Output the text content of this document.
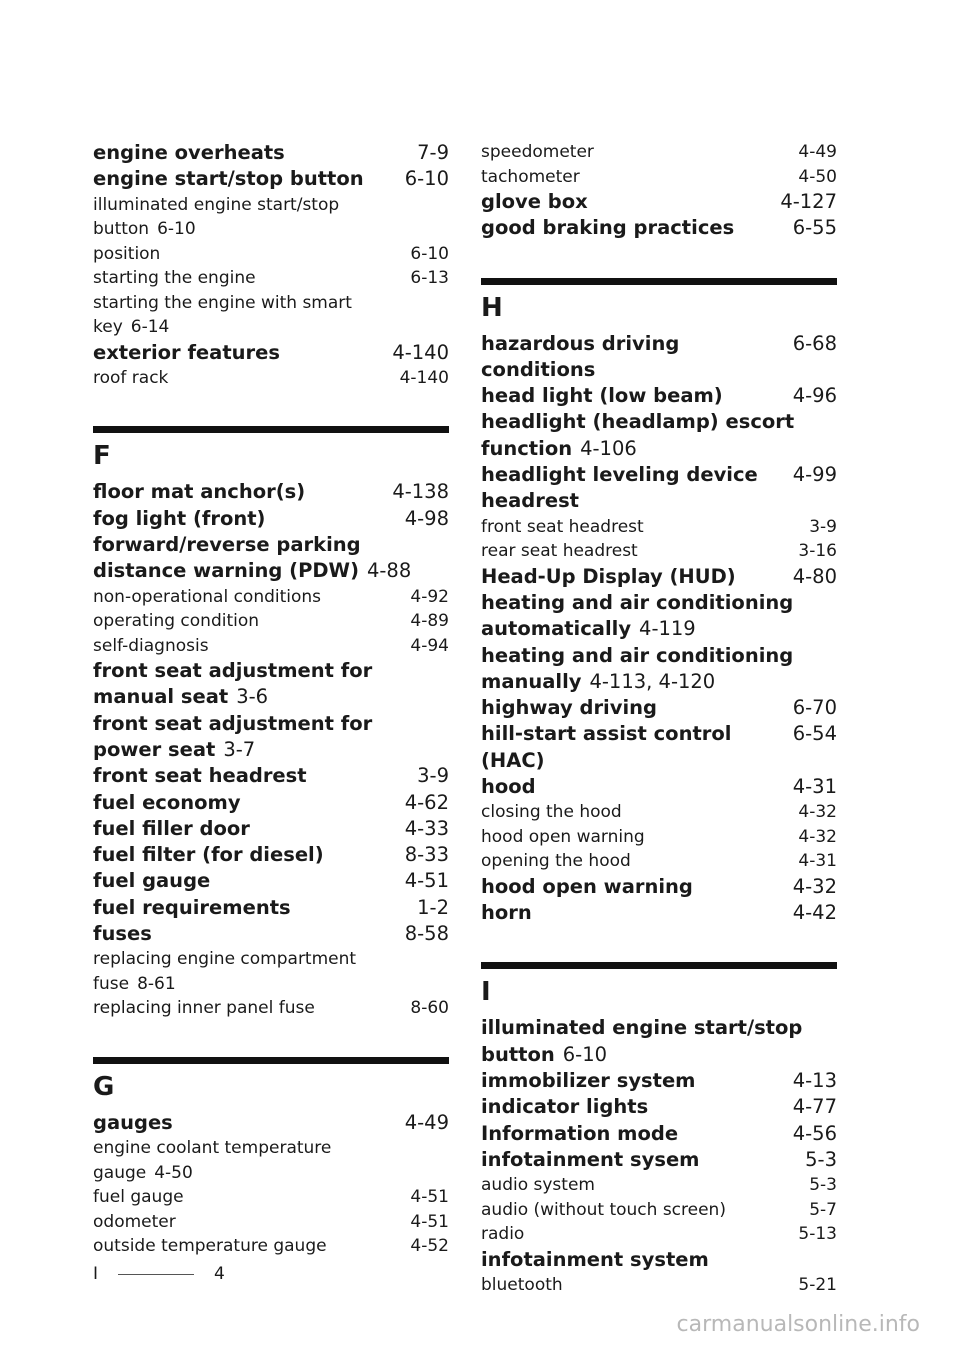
engine overheats	7-9
engine start/stop button	6-10
illuminated engine start/stop
button 6-10
position	6-10
starting the engine	6-13
starting the engine with smart
key 6-14
exterior features	4-140
roof rack	4-140
F
floor mat anchor(s)	4-138
fog light (front)	4-98
forward/reverse parking
distance warning (PDW) 4-88
non-operational conditions	4-92
operating condition	4-89
self-diagnosis	4-94
front seat adjustment for
manual seat 3-6
front seat adjustment for
power seat 3-7
front seat headrest	3-9
fuel economy	4-62
fuel filler door	4-33
fuel filter (for diesel)	8-33
fuel gauge	4-51
fuel requirements	1-2
fuses	8-58
replacing engine compartment
fuse 8-61
replacing inner panel fuse	8-60
G
gauges	4-49
engine coolant temperature
gauge 4-50
fuel gauge	4-51
odometer	4-51
outside temperature gauge	4-52
speedometer	4-49
tachometer	4-50
glove box	4-127
good braking practices	6-55
H
hazardous driving conditions
6-68
head light (low beam)	4-96
headlight (headlamp) escort
function 4-106
headlight leveling device	4-99
headrest
front seat headrest	3-9
rear seat headrest	3-16
Head-Up Display (HUD)	4-80
heating and air conditioning
automatically 4-119
heating and air conditioning
manually 4-113, 4-120
highway driving	6-70
hill-start assist control (HAC)
6-54
hood	4-31
closing the hood	4-32
hood open warning	4-32
opening the hood	4-31
hood open warning	4-32
horn	4-42
I
illuminated engine start/stop
button 6-10
immobilizer system	4-13
indicator lights	4-77
Information mode	4-56
infotainment sysem	5-3
audio system	5-3
audio (without touch screen)	5-7
radio	5-13
infotainment system
bluetooth	5-21
I	4
carmanualsonline.info
